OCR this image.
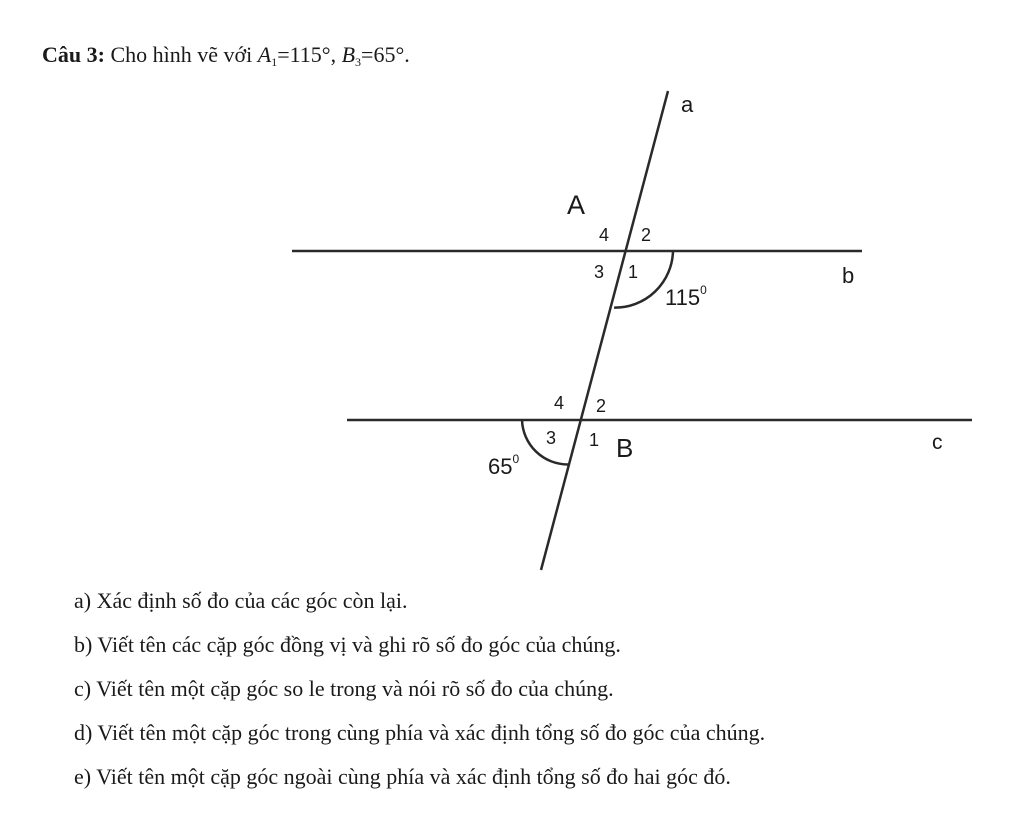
Câu 3: Cho hình vẽ với $A_1=115^\circ$, $B_3=65^\circ$.
a
b
c
A
B
4 2
3 1
4 2
3 1
$115^0$
$65^0$
a) Xác định số đo của các góc còn lại.
b) Viết tên các cặp góc đồng vị và ghi rõ số đo góc của chúng.
c) Viết tên một cặp góc so le trong và nói rõ số đo của chúng.
d) Viết tên một cặp góc trong cùng phía và xác định tổng số đo góc của chúng.
e) Viết tên một cặp góc ngoài cùng phía và xác định tổng số đo hai góc đó.
